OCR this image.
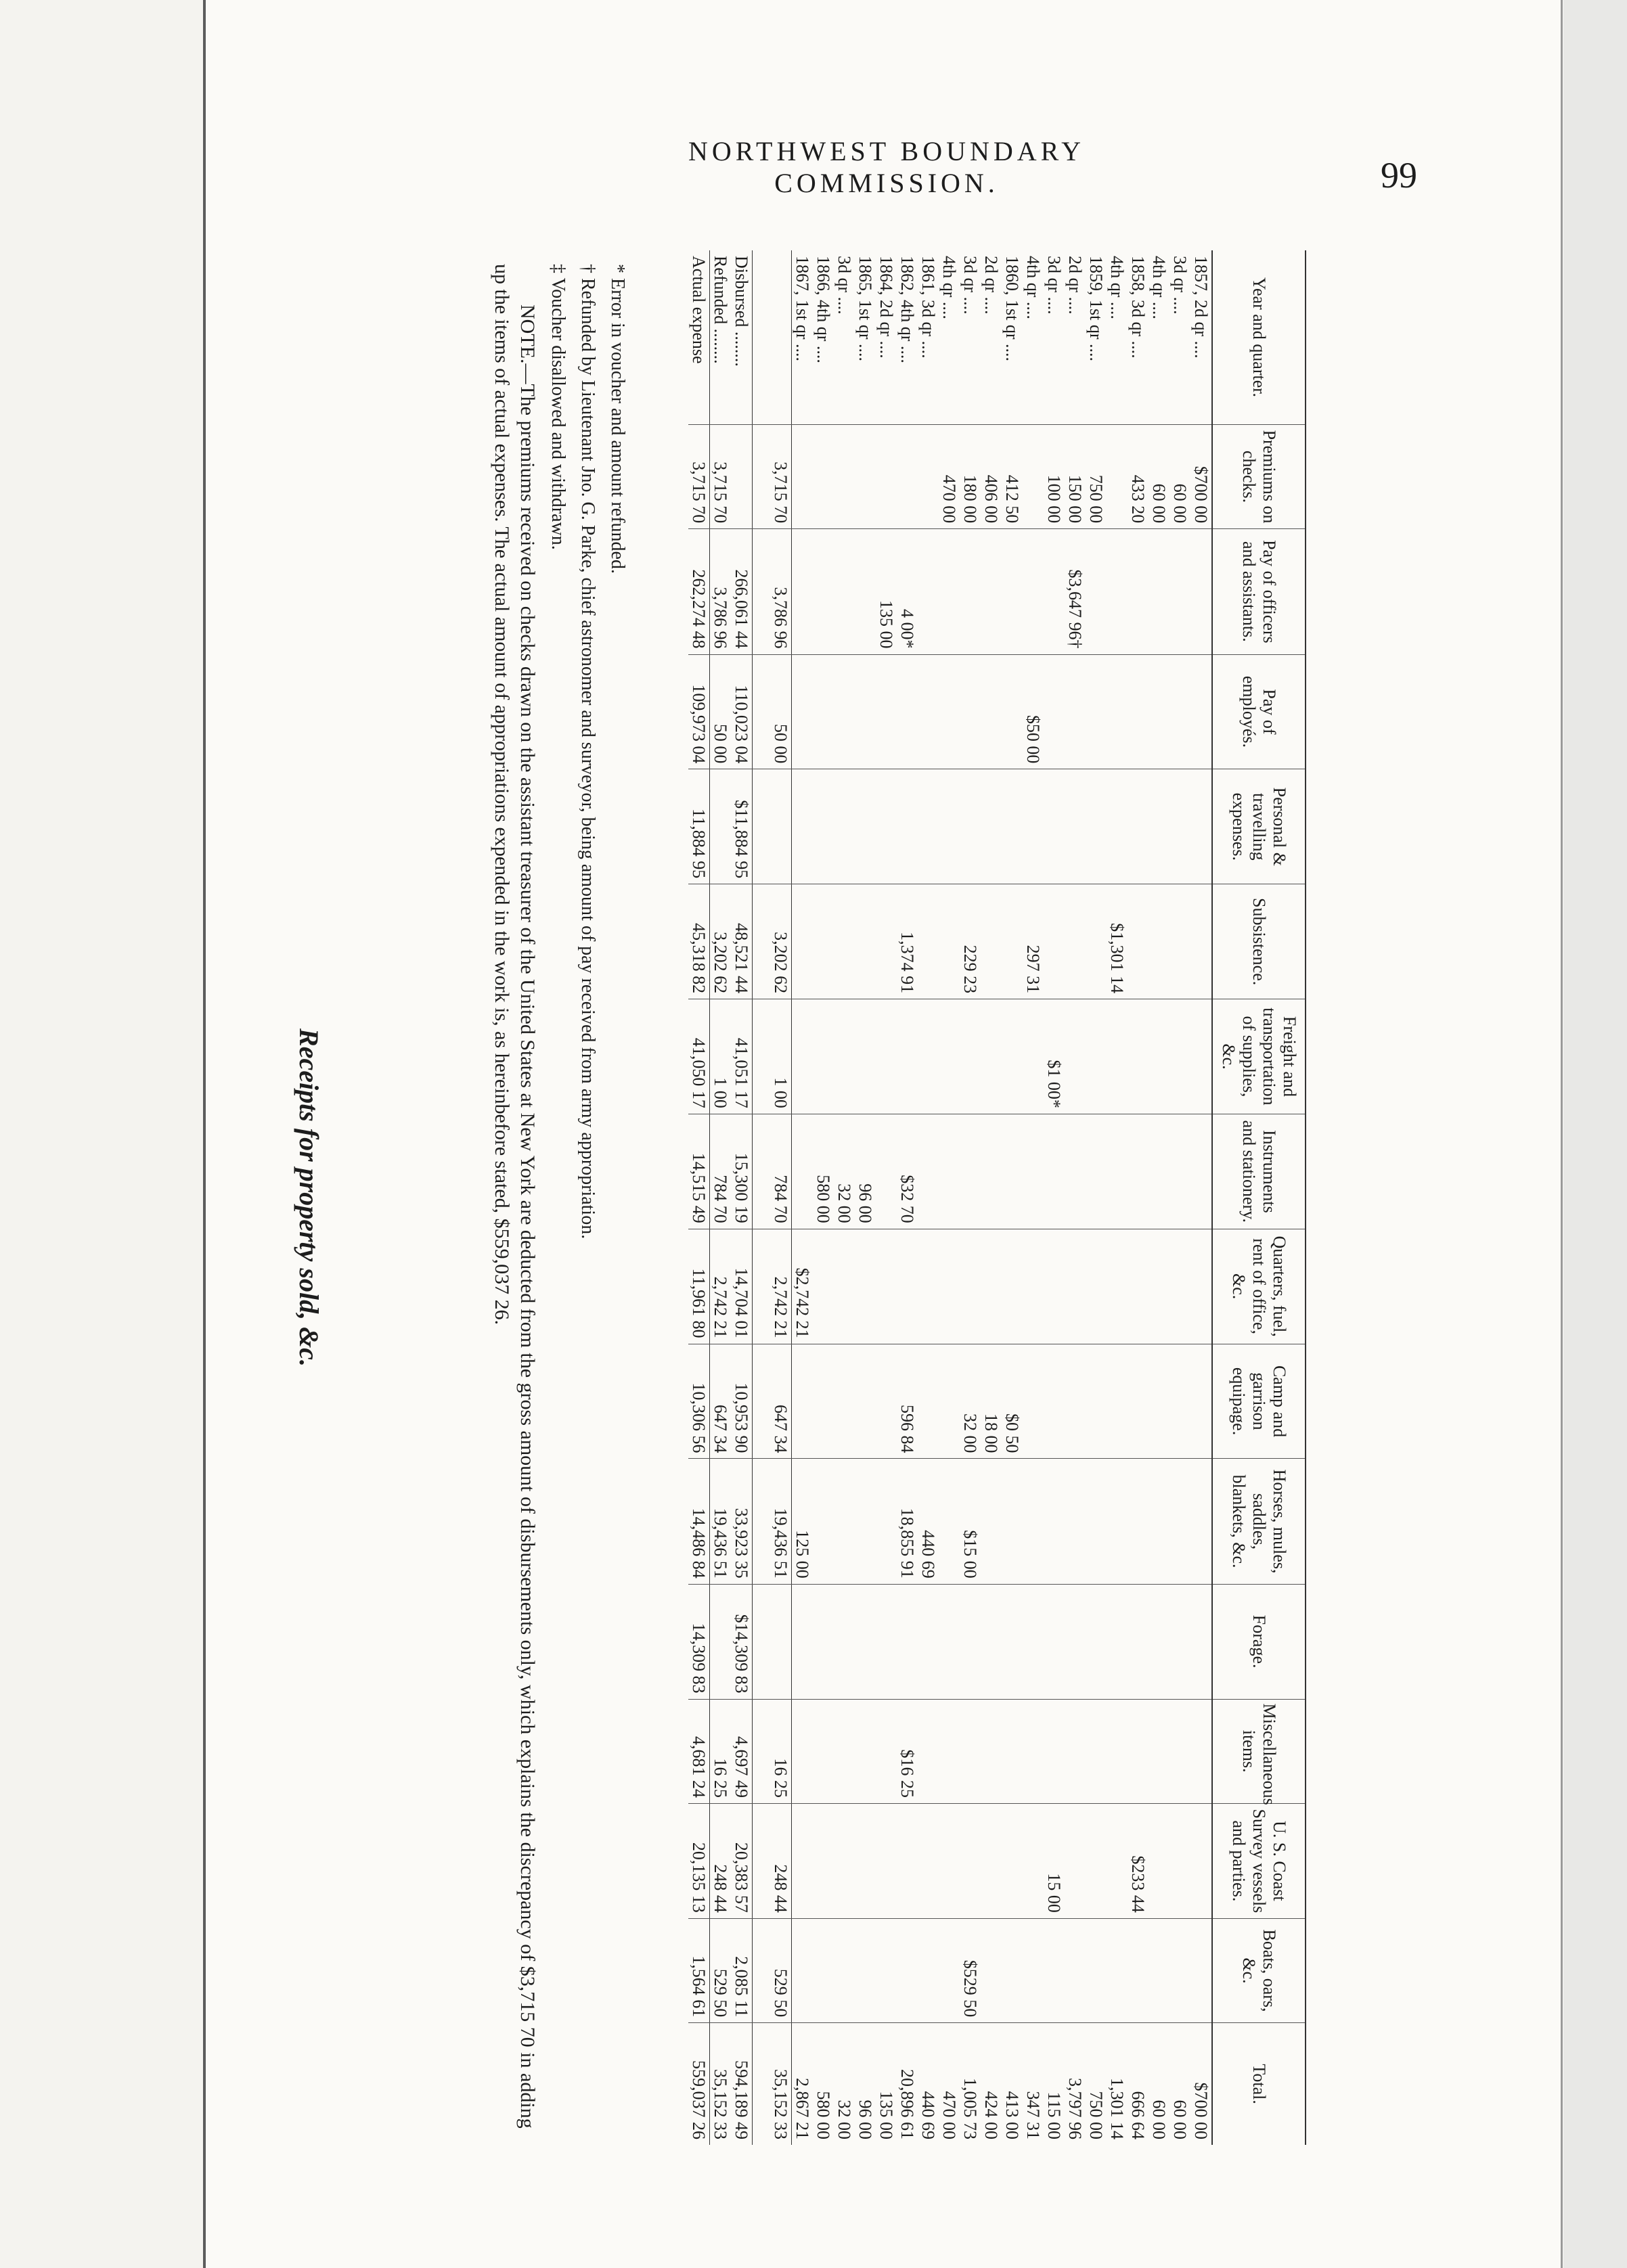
NORTHWEST BOUNDARY COMMISSION.	99
Year and quarter.	Premiums on checks.	Pay of officers and assistants.	Pay of employés.	Personal & travelling expenses.	Subsistence.	Freight and transportation of supplies, &c.	Instruments and stationery.	Quarters, fuel, rent of office, &c.	Camp and garrison equipage.	Horses, mules, saddles, blankets, &c.	Forage.	Miscellaneous items.	U. S. Coast Survey vessels and parties.	Boats, oars, &c.	Total.
1857, 2d qr ....	$700 00														$700 00
3d qr ....	60 00														60 00
4th qr ....	60 00														60 00
1858, 3d qr ....	433 20												$233 44		666 64
4th qr ....					$1,301 14										1,301 14
1859, 1st qr ....	750 00														750 00
2d qr ....	150 00	$3,647 96†													3,797 96
3d qr ....	100 00					$1 00*							15 00		115 00
4th qr ....			$50 00		297 31										347 31
1860, 1st qr ....	412 50								$0 50						413 00
2d qr ....	406 00								18 00						424 00
3d qr ....	180 00				229 23				32 00	$15 00				$529 50	1,005 73
4th qr ....	470 00														470 00
1861, 3d qr ....										440 69					440 69
1862, 4th qr ....		4 00*			1,374 91		$32 70		596 84	18,855 91		$16 25			20,896 61
1864, 2d qr ....		135 00													135 00
1865, 1st qr ....							96 00								96 00
3d qr ....							32 00								32 00
1866, 4th qr ....							580 00								580 00
1867, 1st qr ....								$2,742 21		125 00					2,867 21
	3,715 70	3,786 96	50 00		3,202 62	1 00	784 70	2,742 21	647 34	19,436 51		16 25	248 44	529 50	35,152 33

Disbursed ........		266,061 44	110,023 04	$11,884 95	48,521 44	41,051 17	15,300 19	14,704 01	10,953 90	33,923 35	$14,309 83	4,697 49	20,383 57	2,085 11	594,189 49
Refunded ........	3,715 70	3,786 96	50 00		3,202 62	1 00	784 70	2,742 21	647 34	19,436 51		16 25	248 44	529 50	35,152 33
Actual expense	3,715 70	262,274 48	109,973 04	11,884 95	45,318 82	41,050 17	14,515 49	11,961 80	10,306 56	14,486 84	14,309 83	4,681 24	20,135 13	1,564 61	559,037 26

* Error in voucher and amount refunded.

† Refunded by Lieutenant Jno. G. Parke, chief astronomer and surveyor, being amount of pay received from army appropriation.

‡ Voucher disallowed and withdrawn.

NOTE.—The premiums received on checks drawn on the assistant treasurer of the United States at New York are deducted from the gross amount of disbursements only, which explains the discrepancy of $3,715 70 in adding up the items of actual expenses. The actual amount of appropriations expended in the work is, as hereinbefore stated, $559,037 26.

Receipts for property sold, &c.
